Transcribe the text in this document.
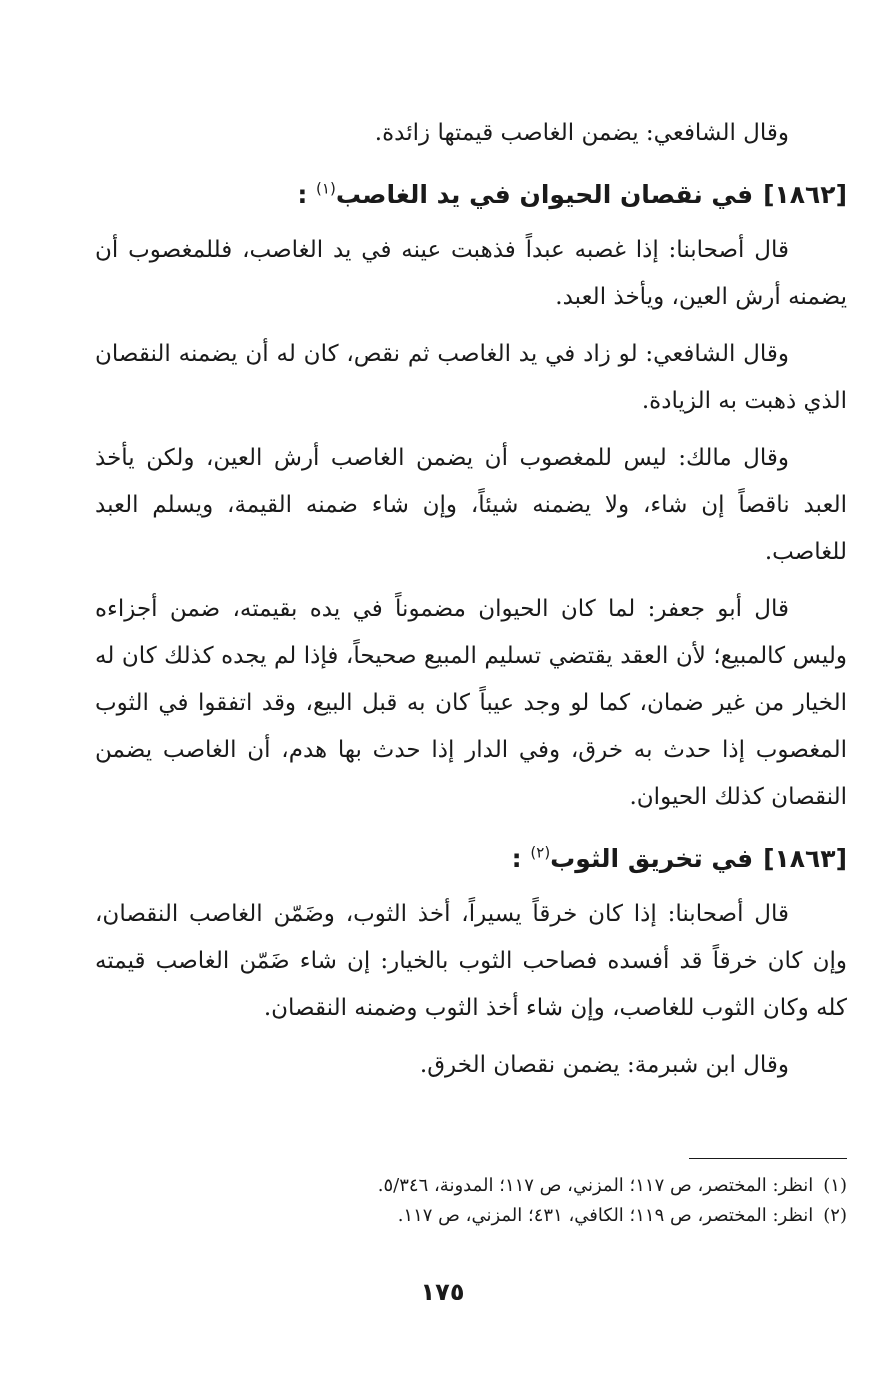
وقال الشافعي: يضمن الغاصب قيمتها زائدة.

[١٨٦٢]في نقصان الحيوان في يد الغاصب$^{(١)}$ :

قال أصحابنا: إذا غصبه عبداً فذهبت عينه في يد الغاصب، فللمغصوب أن يضمنه أرش العين، ويأخذ العبد.

وقال الشافعي: لو زاد في يد الغاصب ثم نقص، كان له أن يضمنه النقصان الذي ذهبت به الزيادة.

وقال مالك: ليس للمغصوب أن يضمن الغاصب أرش العين، ولكن يأخذ العبد ناقصاً إن شاء، ولا يضمنه شيئاً، وإن شاء ضمنه القيمة، ويسلم العبد للغاصب.

قال أبو جعفر: لما كان الحيوان مضموناً في يده بقيمته، ضمن أجزاءه وليس كالمبيع؛ لأن العقد يقتضي تسليم المبيع صحيحاً، فإذا لم يجده كذلك كان له الخيار من غير ضمان، كما لو وجد عيباً كان به قبل البيع، وقد اتفقوا في الثوب المغصوب إذا حدث به خرق، وفي الدار إذا حدث بها هدم، أن الغاصب يضمن النقصان كذلك الحيوان.

[١٨٦٣]في تخريق الثوب$^{(٢)}$ :

قال أصحابنا: إذا كان خرقاً يسيراً، أخذ الثوب، وضَمّن الغاصب النقصان، وإن كان خرقاً قد أفسده فصاحب الثوب بالخيار: إن شاء ضَمّن الغاصب قيمته كله وكان الثوب للغاصب، وإن شاء أخذ الثوب وضمنه النقصان.

وقال ابن شبرمة: يضمن نقصان الخرق.

(١)انظر: المختصر، ص ١١٧؛ المزني، ص ١١٧؛ المدونة، ٥/٣٤٦.

(٢)انظر: المختصر، ص ١١٩؛ الكافي، ٤٣١؛ المزني، ص ١١٧.

١٧٥
